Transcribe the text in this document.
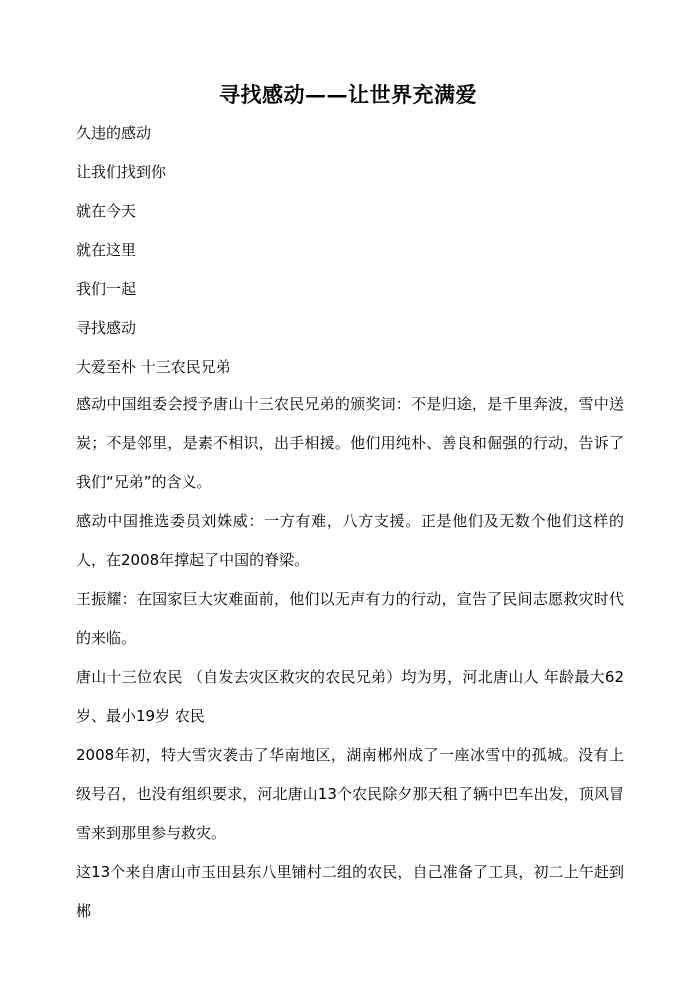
寻找感动——让世界充满爱
久违的感动
让我们找到你
就在今天
就在这里
我们一起
寻找感动
大爱至朴 十三农民兄弟
感动中国组委会授予唐山十三农民兄弟的颁奖词：不是归途，是千里奔波，雪中送炭；不是邻里，是素不相识，出手相援。他们用纯朴、善良和倔强的行动，告诉了我们“兄弟”的含义。
感动中国推选委员刘姝威：一方有难，八方支援。正是他们及无数个他们这样的人，在2008年撑起了中国的脊梁。
王振耀：在国家巨大灾难面前，他们以无声有力的行动，宣告了民间志愿救灾时代的来临。
唐山十三位农民 （自发去灾区救灾的农民兄弟）均为男，河北唐山人 年龄最大62岁、最小19岁 农民
2008年初，特大雪灾袭击了华南地区，湖南郴州成了一座冰雪中的孤城。没有上级号召，也没有组织要求，河北唐山13个农民除夕那天租了辆中巴车出发，顶风冒雪来到那里参与救灾。
这13个来自唐山市玉田县东八里铺村二组的农民，自己准备了工具，初二上午赶到郴
